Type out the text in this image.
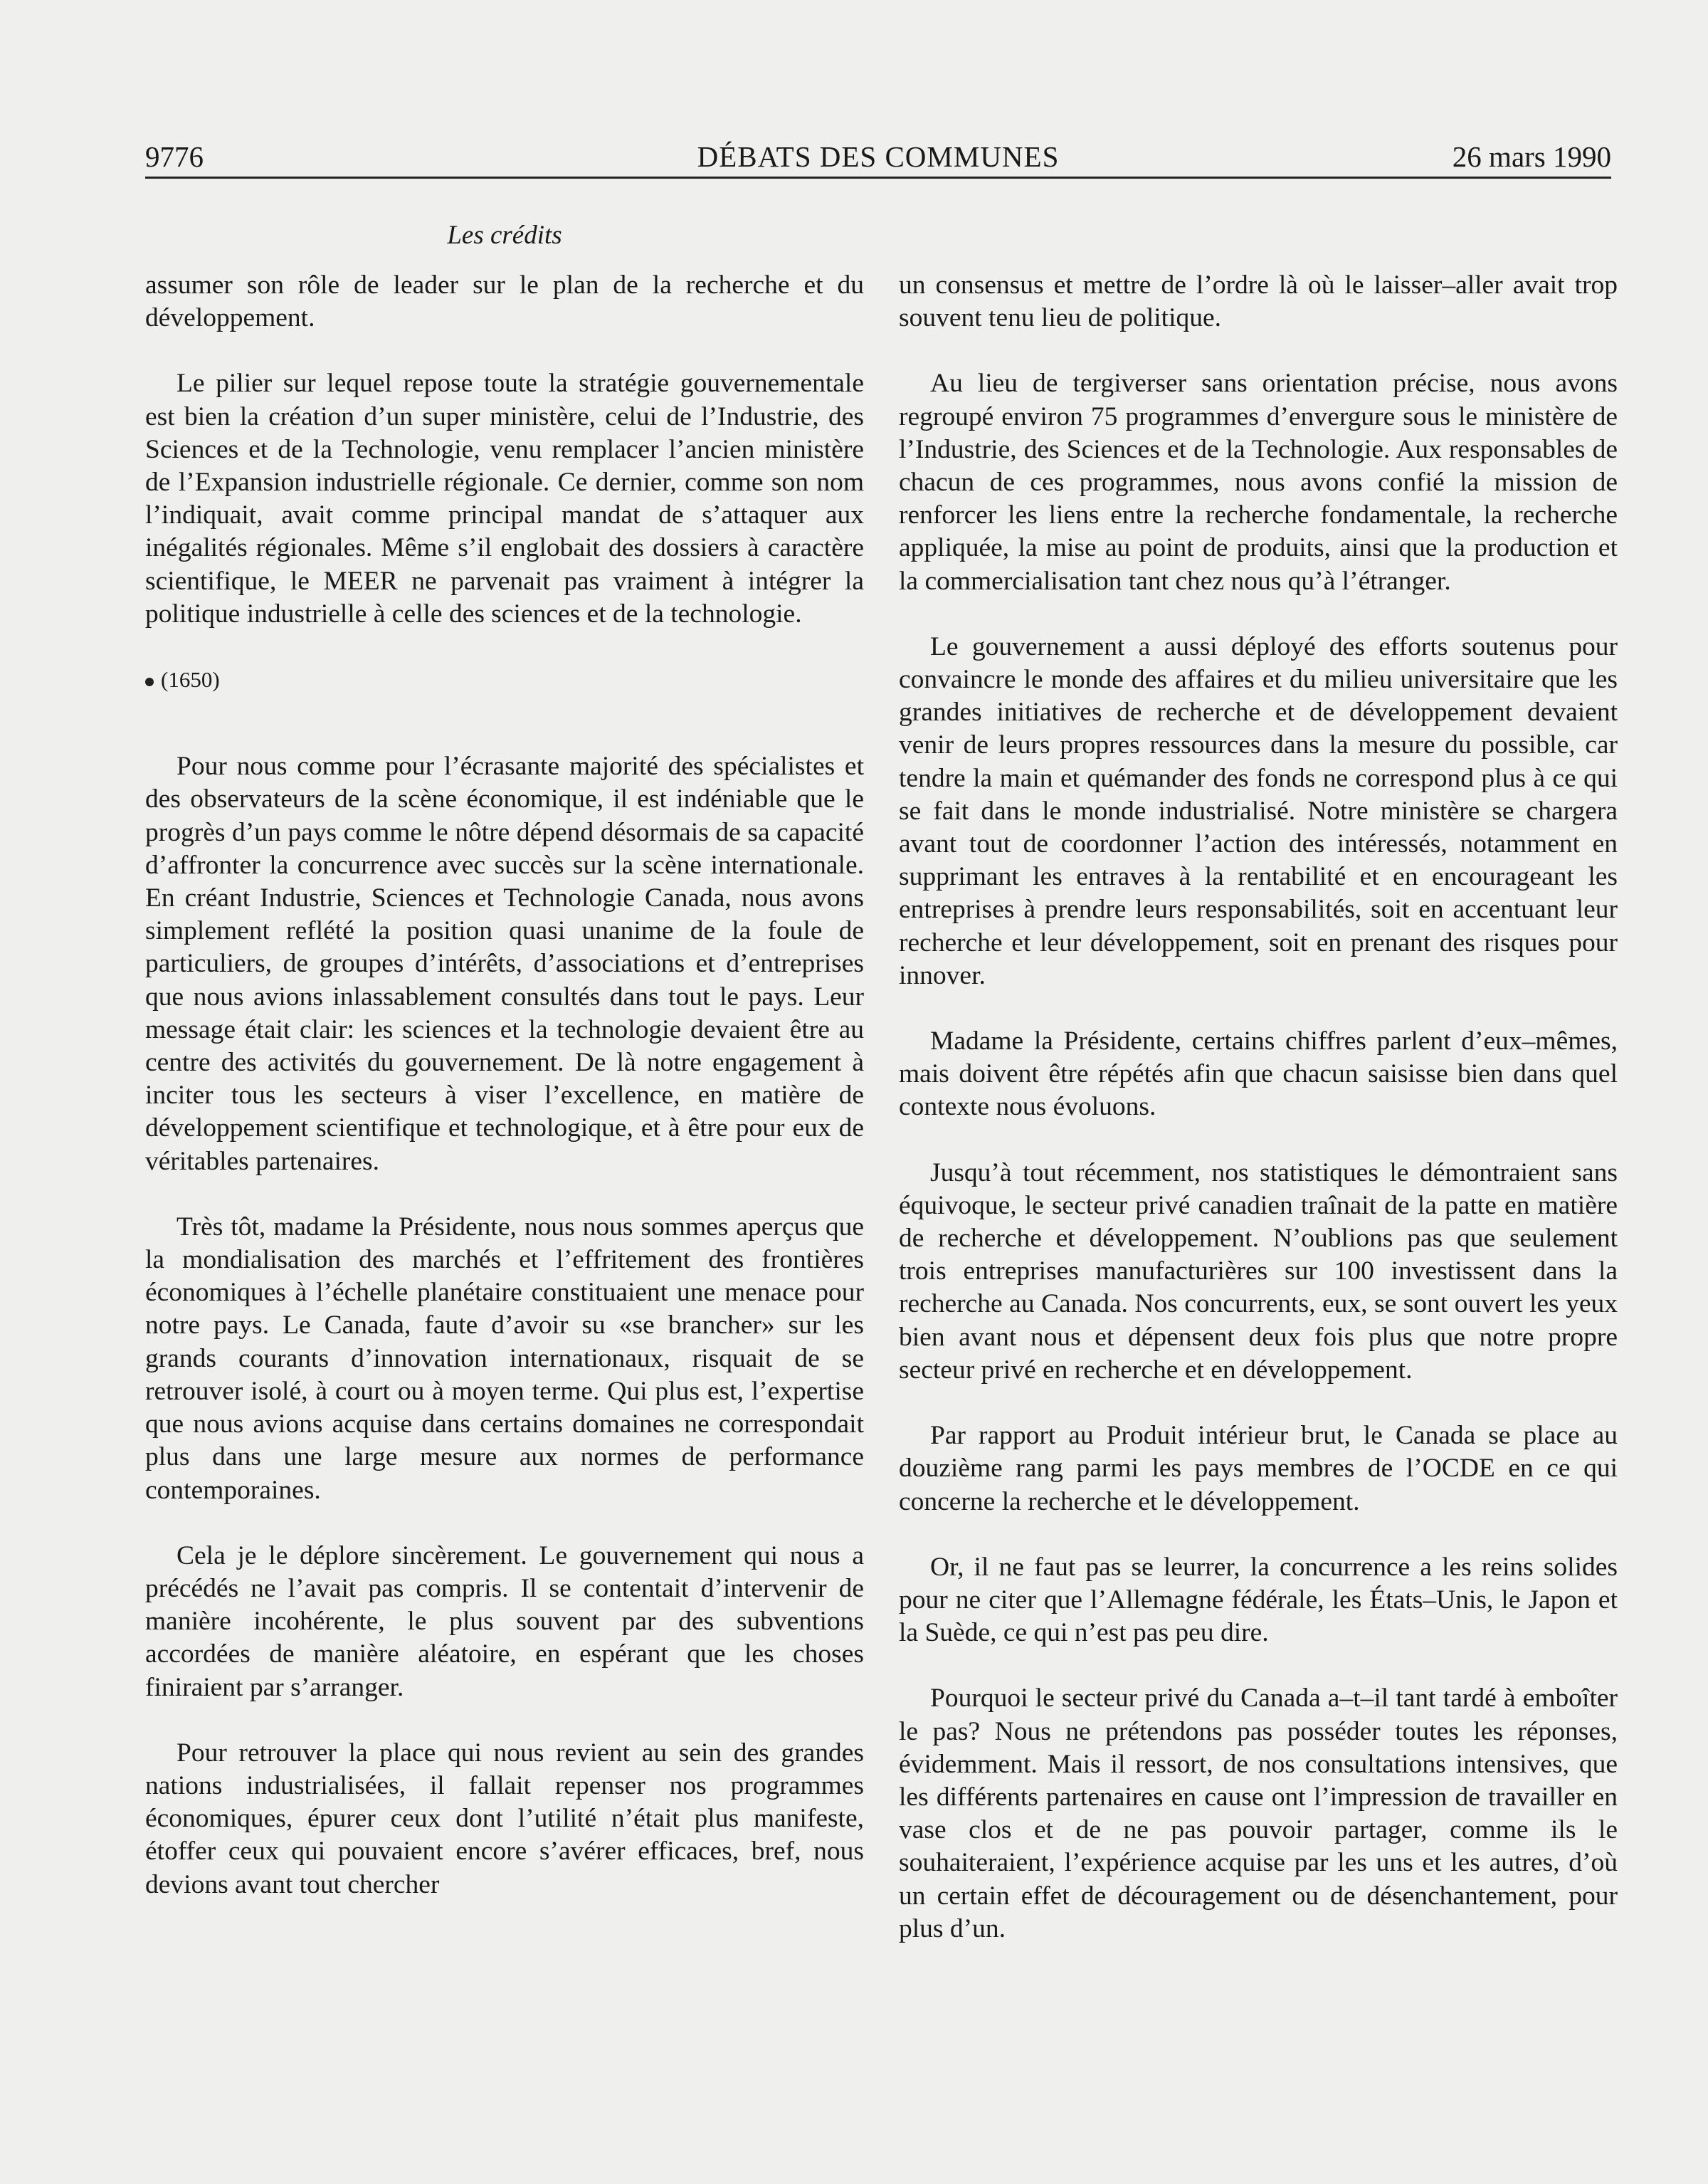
9776	DÉBATS DES COMMUNES	26 mars 1990
Les crédits

assumer son rôle de leader sur le plan de la recherche et du développement.

Le pilier sur lequel repose toute la stratégie gouvernementale est bien la création d’un super ministère, celui de l’Industrie, des Sciences et de la Technologie, venu remplacer l’ancien ministère de l’Expansion industrielle régionale. Ce dernier, comme son nom l’indiquait, avait comme principal mandat de s’attaquer aux inégalités régionales. Même s’il englobait des dossiers à caractère scientifique, le MEER ne parvenait pas vraiment à intégrer la politique industrielle à celle des sciences et de la technologie.

(1650)

Pour nous comme pour l’écrasante majorité des spécialistes et des observateurs de la scène économique, il est indéniable que le progrès d’un pays comme le nôtre dépend désormais de sa capacité d’affronter la concurrence avec succès sur la scène internationale. En créant Industrie, Sciences et Technologie Canada, nous avons simplement reflété la position quasi unanime de la foule de particuliers, de groupes d’intérêts, d’associations et d’entreprises que nous avions inlassablement consultés dans tout le pays. Leur message était clair: les sciences et la technologie devaient être au centre des activités du gouvernement. De là notre engagement à inciter tous les secteurs à viser l’excellence, en matière de développement scientifique et technologique, et à être pour eux de véritables partenaires.

Très tôt, madame la Présidente, nous nous sommes aperçus que la mondialisation des marchés et l’effritement des frontières économiques à l’échelle planétaire constituaient une menace pour notre pays. Le Canada, faute d’avoir su «se brancher» sur les grands courants d’innovation internationaux, risquait de se retrouver isolé, à court ou à moyen terme. Qui plus est, l’expertise que nous avions acquise dans certains domaines ne correspondait plus dans une large mesure aux normes de performance contemporaines.

Cela je le déplore sincèrement. Le gouvernement qui nous a précédés ne l’avait pas compris. Il se contentait d’intervenir de manière incohérente, le plus souvent par des subventions accordées de manière aléatoire, en espérant que les choses finiraient par s’arranger.

Pour retrouver la place qui nous revient au sein des grandes nations industrialisées, il fallait repenser nos programmes économiques, épurer ceux dont l’utilité n’était plus manifeste, étoffer ceux qui pouvaient encore s’avérer efficaces, bref, nous devions avant tout chercher

un consensus et mettre de l’ordre là où le laisser–aller avait trop souvent tenu lieu de politique.

Au lieu de tergiverser sans orientation précise, nous avons regroupé environ 75 programmes d’envergure sous le ministère de l’Industrie, des Sciences et de la Technologie. Aux responsables de chacun de ces programmes, nous avons confié la mission de renforcer les liens entre la recherche fondamentale, la recherche appliquée, la mise au point de produits, ainsi que la production et la commercialisation tant chez nous qu’à l’étranger.

Le gouvernement a aussi déployé des efforts soutenus pour convaincre le monde des affaires et du milieu universitaire que les grandes initiatives de recherche et de développement devaient venir de leurs propres ressources dans la mesure du possible, car tendre la main et quémander des fonds ne correspond plus à ce qui se fait dans le monde industrialisé. Notre ministère se chargera avant tout de coordonner l’action des intéressés, notamment en supprimant les entraves à la rentabilité et en encourageant les entreprises à prendre leurs responsabilités, soit en accentuant leur recherche et leur développement, soit en prenant des risques pour innover.

Madame la Présidente, certains chiffres parlent d’eux–mêmes, mais doivent être répétés afin que chacun saisisse bien dans quel contexte nous évoluons.

Jusqu’à tout récemment, nos statistiques le démontraient sans équivoque, le secteur privé canadien traînait de la patte en matière de recherche et développement. N’oublions pas que seulement trois entreprises manufacturières sur 100 investissent dans la recherche au Canada. Nos concurrents, eux, se sont ouvert les yeux bien avant nous et dépensent deux fois plus que notre propre secteur privé en recherche et en développement.

Par rapport au Produit intérieur brut, le Canada se place au douzième rang parmi les pays membres de l’OCDE en ce qui concerne la recherche et le développement.

Or, il ne faut pas se leurrer, la concurrence a les reins solides pour ne citer que l’Allemagne fédérale, les États–Unis, le Japon et la Suède, ce qui n’est pas peu dire.

Pourquoi le secteur privé du Canada a–t–il tant tardé à emboîter le pas? Nous ne prétendons pas posséder toutes les réponses, évidemment. Mais il ressort, de nos consultations intensives, que les différents partenaires en cause ont l’impression de travailler en vase clos et de ne pas pouvoir partager, comme ils le souhaiteraient, l’expérience acquise par les uns et les autres, d’où un certain effet de découragement ou de désenchantement, pour plus d’un.
